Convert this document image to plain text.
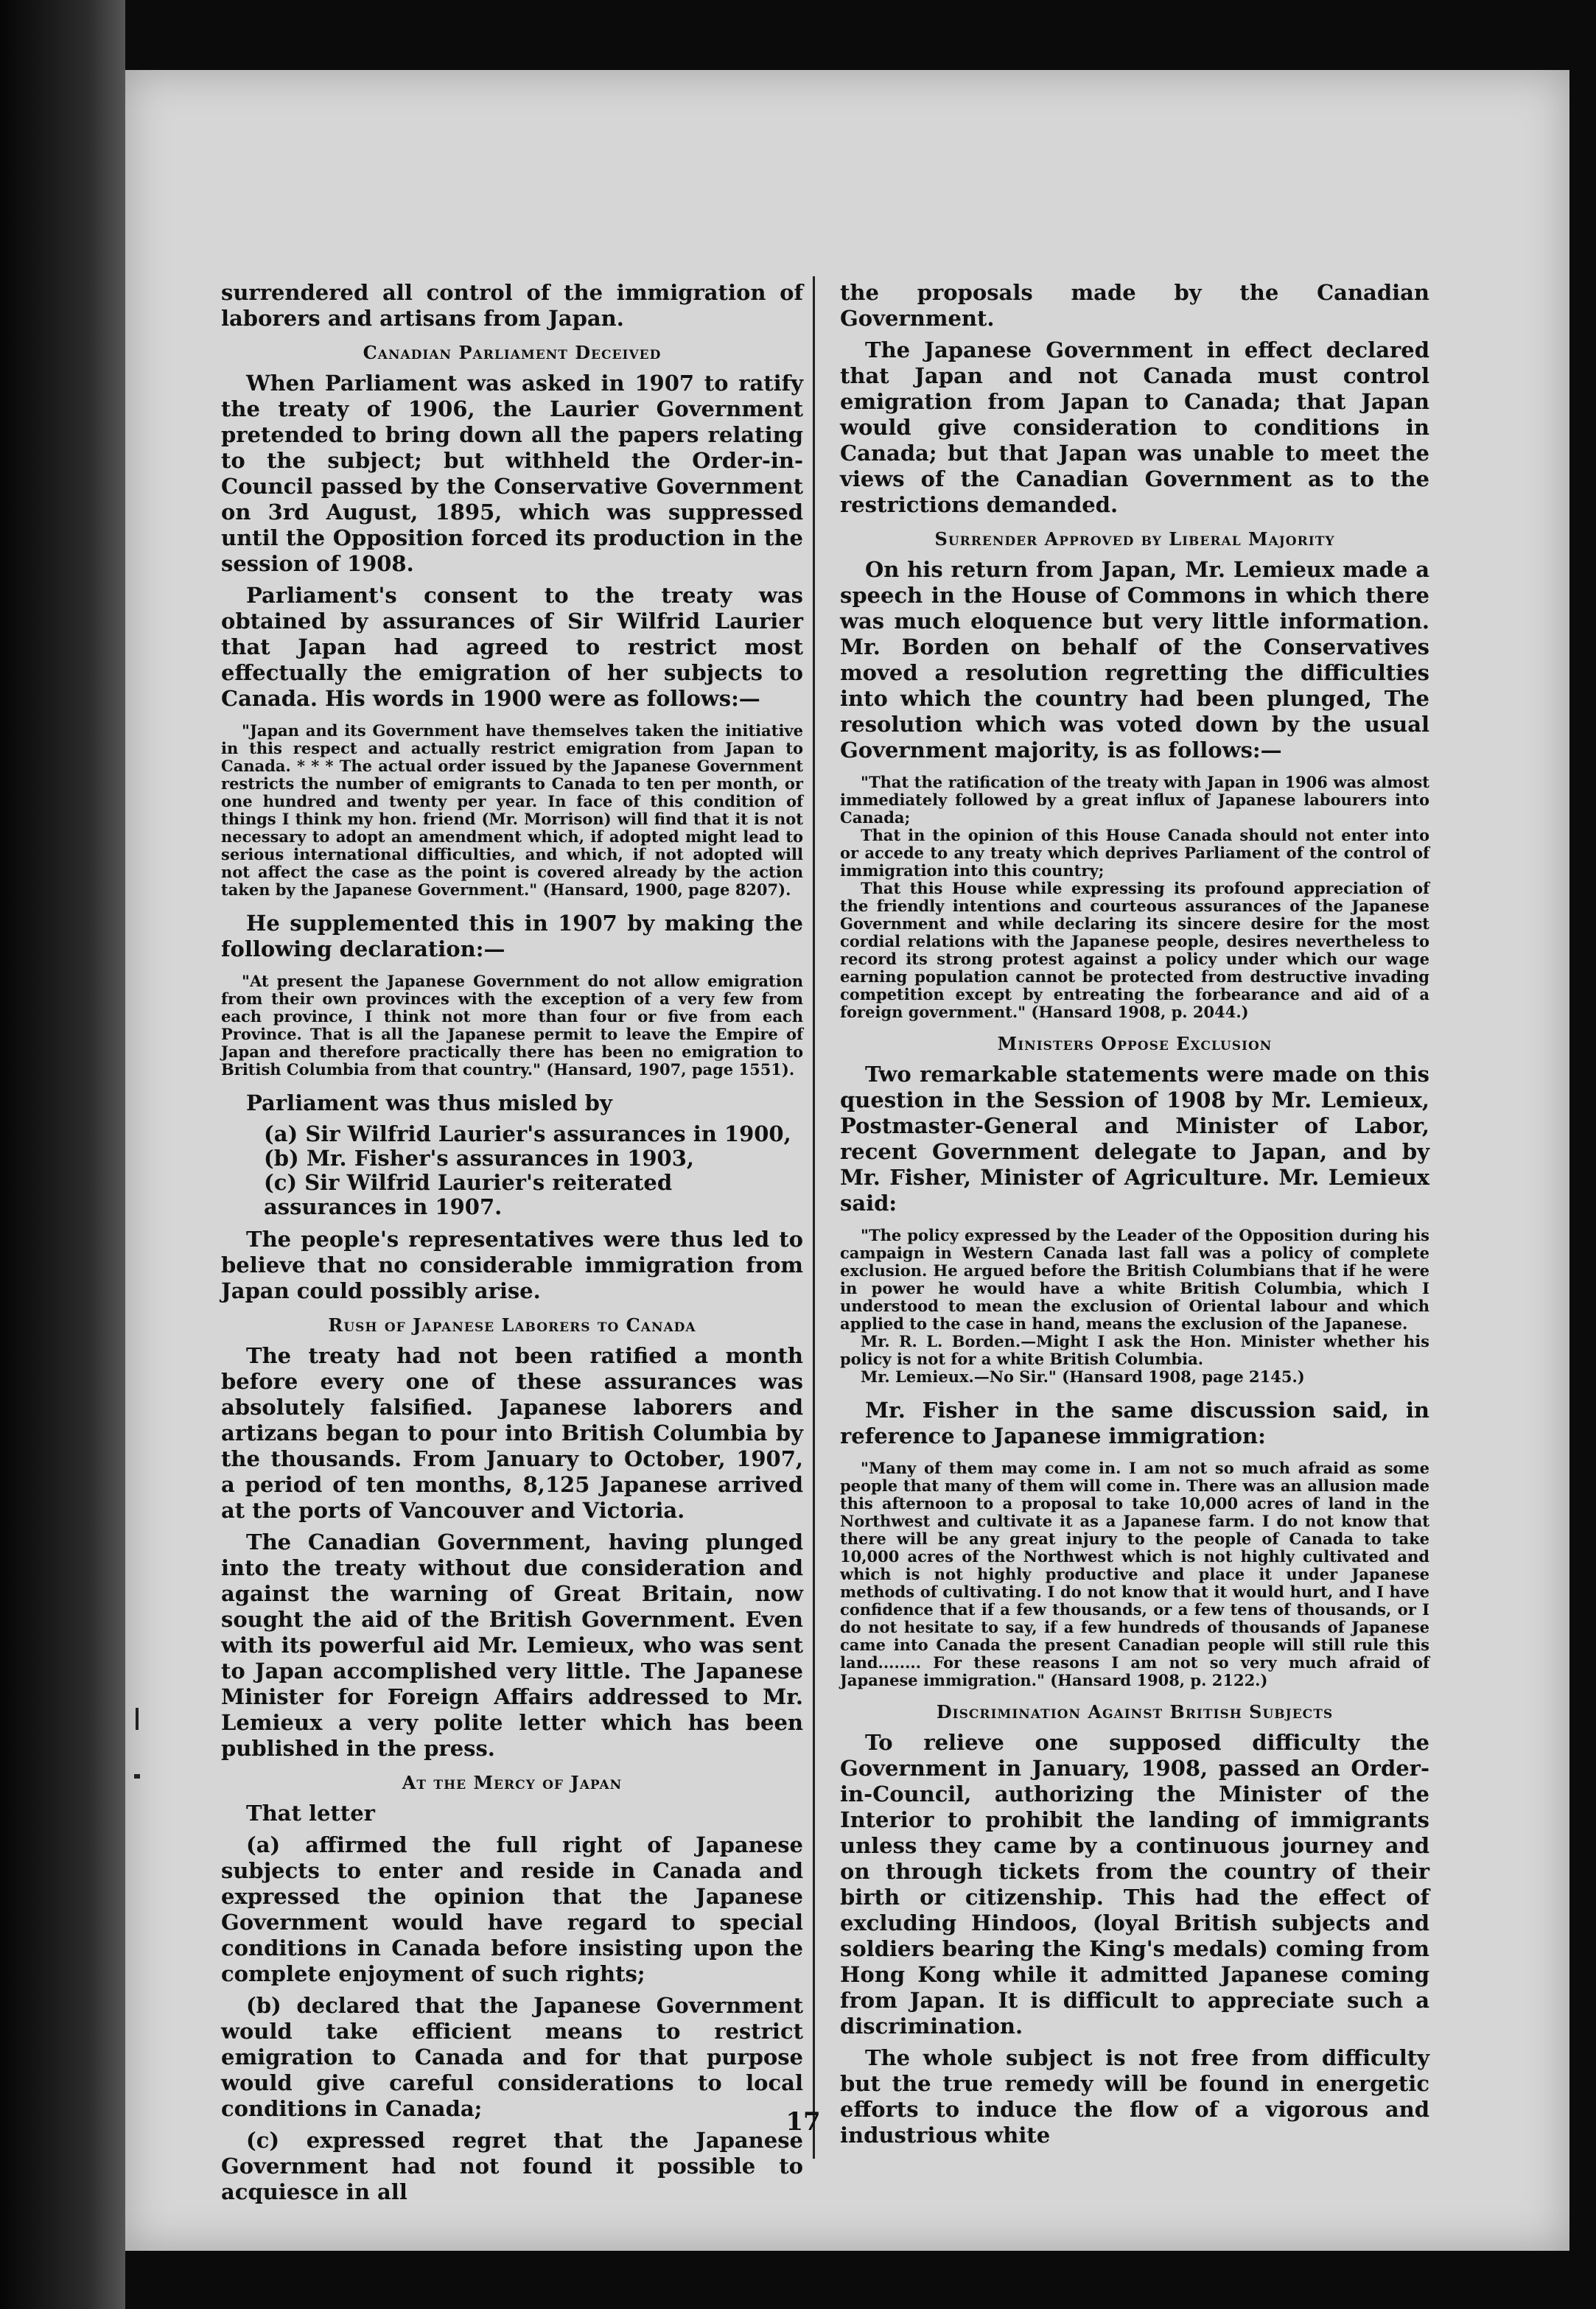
surrendered all control of the immigration of laborers and artisans from Japan.

Canadian Parliament Deceived

When Parliament was asked in 1907 to ratify the treaty of 1906, the Laurier Government pretended to bring down all the papers relating to the subject; but withheld the Order-in-Council passed by the Conservative Government on 3rd August, 1895, which was suppressed until the Opposition forced its production in the session of 1908.

Parliament's consent to the treaty was obtained by assurances of Sir Wilfrid Laurier that Japan had agreed to restrict most effectually the emigration of her subjects to Canada. His words in 1900 were as follows:—

"Japan and its Government have themselves taken the initiative in this respect and actually restrict emigration from Japan to Canada. * * * The actual order issued by the Japanese Government restricts the number of emigrants to Canada to ten per month, or one hundred and twenty per year. In face of this condition of things I think my hon. friend (Mr. Morrison) will find that it is not necessary to adopt an amendment which, if adopted might lead to serious international difficulties, and which, if not adopted will not affect the case as the point is covered already by the action taken by the Japanese Government." (Hansard, 1900, page 8207).

He supplemented this in 1907 by making the following declaration:—

"At present the Japanese Government do not allow emigration from their own provinces with the exception of a very few from each province, I think not more than four or five from each Province. That is all the Japanese permit to leave the Empire of Japan and therefore practically there has been no emigration to British Columbia from that country." (Hansard, 1907, page 1551).

Parliament was thus misled by

(a) Sir Wilfrid Laurier's assurances in 1900,
(b) Mr. Fisher's assurances in 1903,
(c) Sir Wilfrid Laurier's reiterated assurances in 1907.

The people's representatives were thus led to believe that no considerable immigration from Japan could possibly arise.

Rush of Japanese Laborers to Canada

The treaty had not been ratified a month before every one of these assurances was absolutely falsified. Japanese laborers and artizans began to pour into British Columbia by the thousands. From January to October, 1907, a period of ten months, 8,125 Japanese arrived at the ports of Vancouver and Victoria.

The Canadian Government, having plunged into the treaty without due consideration and against the warning of Great Britain, now sought the aid of the British Government. Even with its powerful aid Mr. Lemieux, who was sent to Japan accomplished very little. The Japanese Minister for Foreign Affairs addressed to Mr. Lemieux a very polite letter which has been published in the press.

At the Mercy of Japan

That letter

(a) affirmed the full right of Japanese subjects to enter and reside in Canada and expressed the opinion that the Japanese Government would have regard to special conditions in Canada before insisting upon the complete enjoyment of such rights;

(b) declared that the Japanese Government would take efficient means to restrict emigration to Canada and for that purpose would give careful considerations to local conditions in Canada;

(c) expressed regret that the Japanese Government had not found it possible to acquiesce in all

the proposals made by the Canadian Government.

The Japanese Government in effect declared that Japan and not Canada must control emigration from Japan to Canada; that Japan would give consideration to conditions in Canada; but that Japan was unable to meet the views of the Canadian Government as to the restrictions demanded.

Surrender Approved by Liberal Majority

On his return from Japan, Mr. Lemieux made a speech in the House of Commons in which there was much eloquence but very little information. Mr. Borden on behalf of the Conservatives moved a resolution regretting the difficulties into which the country had been plunged, The resolution which was voted down by the usual Government majority, is as follows:—

"That the ratification of the treaty with Japan in 1906 was almost immediately followed by a great influx of Japanese labourers into Canada;
That in the opinion of this House Canada should not enter into or accede to any treaty which deprives Parliament of the control of immigration into this country;
That this House while expressing its profound appreciation of the friendly intentions and courteous assurances of the Japanese Government and while declaring its sincere desire for the most cordial relations with the Japanese people, desires nevertheless to record its strong protest against a policy under which our wage earning population cannot be protected from destructive invading competition except by entreating the forbearance and aid of a foreign government." (Hansard 1908, p. 2044.)
Ministers Oppose Exclusion

Two remarkable statements were made on this question in the Session of 1908 by Mr. Lemieux, Postmaster-General and Minister of Labor, recent Government delegate to Japan, and by Mr. Fisher, Minister of Agriculture. Mr. Lemieux said:

"The policy expressed by the Leader of the Opposition during his campaign in Western Canada last fall was a policy of complete exclusion. He argued before the British Columbians that if he were in power he would have a white British Columbia, which I understood to mean the exclusion of Oriental labour and which applied to the case in hand, means the exclusion of the Japanese.
Mr. R. L. Borden.—Might I ask the Hon. Minister whether his policy is not for a white British Columbia.
Mr. Lemieux.—No Sir." (Hansard 1908, page 2145.)

Mr. Fisher in the same discussion said, in reference to Japanese immigration:

"Many of them may come in. I am not so much afraid as some people that many of them will come in. There was an allusion made this afternoon to a proposal to take 10,000 acres of land in the Northwest and cultivate it as a Japanese farm. I do not know that there will be any great injury to the people of Canada to take 10,000 acres of the Northwest which is not highly cultivated and which is not highly productive and place it under Japanese methods of cultivating. I do not know that it would hurt, and I have confidence that if a few thousands, or a few tens of thousands, or I do not hesitate to say, if a few hundreds of thousands of Japanese came into Canada the present Canadian people will still rule this land........ For these reasons I am not so very much afraid of Japanese immigration." (Hansard 1908, p. 2122.)
Discrimination Against British Subjects

To relieve one supposed difficulty the Government in January, 1908, passed an Order-in-Council, authorizing the Minister of the Interior to prohibit the landing of immigrants unless they came by a continuous journey and on through tickets from the country of their birth or citizenship. This had the effect of excluding Hindoos, (loyal British subjects and soldiers bearing the King's medals) coming from Hong Kong while it admitted Japanese coming from Japan. It is difficult to appreciate such a discrimination.

The whole subject is not free from difficulty but the true remedy will be found in energetic efforts to induce the flow of a vigorous and industrious white

17
